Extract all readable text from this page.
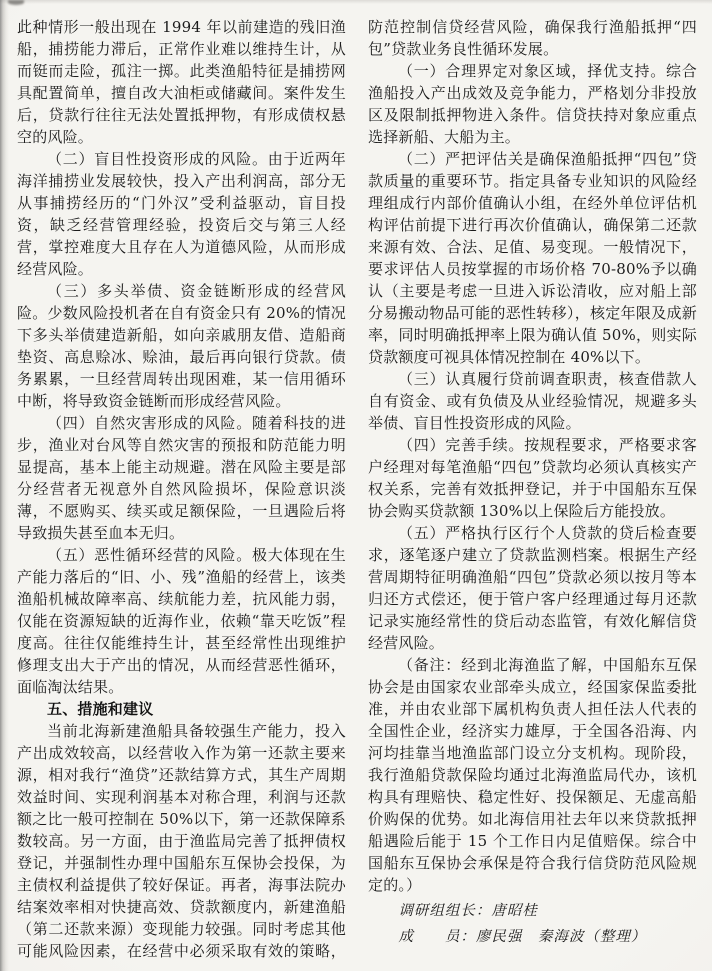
此种情形一般出现在 1994 年以前建造的残旧渔船，捕捞能力滞后，正常作业难以维持生计，从而铤而走险，孤注一掷。此类渔船特征是捕捞网具配置简单，擅自改大油柜或储藏间。案件发生后，贷款行往往无法处置抵押物，有形成债权悬空的风险。

（二）盲目性投资形成的风险。由于近两年海洋捕捞业发展较快，投入产出利润高，部分无从事捕捞经历的“门外汉”受利益驱动，盲目投资，缺乏经营管理经验，投资后交与第三人经营，掌控难度大且存在人为道德风险，从而形成经营风险。

（三）多头举债、资金链断形成的经营风险。少数风险投机者在自有资金只有 20%的情况下多头举债建造新船，如向亲戚朋友借、造船商垫资、高息赊冰、赊油，最后再向银行贷款。债务累累，一旦经营周转出现困难，某一信用循环中断，将导致资金链断而形成经营风险。

（四）自然灾害形成的风险。随着科技的进步，渔业对台风等自然灾害的预报和防范能力明显提高，基本上能主动规避。潜在风险主要是部分经营者无视意外自然风险损坏，保险意识淡薄，不愿购买、续买或足额保险，一旦遇险后将导致损失甚至血本无归。

（五）恶性循环经营的风险。极大体现在生产能力落后的“旧、小、残”渔船的经营上，该类渔船机械故障率高、续航能力差，抗风能力弱，仅能在资源短缺的近海作业，依赖“靠天吃饭”程度高。往往仅能维持生计，甚至经常性出现维护修理支出大于产出的情况，从而经营恶性循环，面临淘汰结果。

五、措施和建议

当前北海新建渔船具备较强生产能力，投入产出成效较高，以经营收入作为第一还款主要来源，相对我行“渔贷”还款结算方式，其生产周期效益时间、实现利润基本对称合理，利润与还款额之比一般可控制在 50%以下，第一还款保障系数较高。另一方面，由于渔监局完善了抵押债权登记，并强制性办理中国船东互保协会投保，为主债权利益提供了较好保证。再者，海事法院办结案效率相对快捷高效、贷款额度内，新建渔船（第二还款来源）变现能力较强。同时考虑其他可能风险因素，在经营中必须采取有效的策略，防范控制信贷经营风险，确保我行渔船抵押“四包”贷款业务良性循环发展。

（一）合理界定对象区域，择优支持。综合渔船投入产出成效及竞争能力，严格划分非投放区及限制抵押物进入条件。信贷扶持对象应重点选择新船、大船为主。

（二）严把评估关是确保渔船抵押“四包”贷款质量的重要环节。指定具备专业知识的风险经理组成行内部价值确认小组，在经外单位评估机构评估前提下进行再次价值确认，确保第二还款来源有效、合法、足值、易变现。一般情况下，要求评估人员按掌握的市场价格 70-80%予以确认（主要是考虑一旦进入诉讼清收，应对船上部分易搬动物品可能的恶性转移），核定年限及成新率，同时明确抵押率上限为确认值 50%，则实际贷款额度可视具体情况控制在 40%以下。

（三）认真履行贷前调查职责，核查借款人自有资金、或有负债及从业经验情况，规避多头举债、盲目性投资形成的风险。

（四）完善手续。按规程要求，严格要求客户经理对每笔渔船“四包”贷款均必须认真核实产权关系，完善有效抵押登记，并于中国船东互保协会购买贷款额 130%以上保险后方能投放。

（五）严格执行区行个人贷款的贷后检查要求，逐笔逐户建立了贷款监测档案。根据生产经营周期特征明确渔船“四包”贷款必须以按月等本归还方式偿还，便于管户客户经理通过每月还款记录实施经常性的贷后动态监管，有效化解信贷经营风险。

（备注：经到北海渔监了解，中国船东互保协会是由国家农业部牵头成立，经国家保监委批准，并由农业部下属机构负责人担任法人代表的全国性企业，经济实力雄厚，于全国各沿海、内河均挂靠当地渔监部门设立分支机构。现阶段，我行渔船贷款保险均通过北海渔监局代办，该机构具有理赔快、稳定性好、投保额足、无虚高船价购保的优势。如北海信用社去年以来贷款抵押船遇险后能于 15 个工作日内足值赔保。综合中国船东互保协会承保是符合我行信贷防范风险规定的。）

调研组组长：唐昭桂

成　　员：廖民强　秦海波（整理）
